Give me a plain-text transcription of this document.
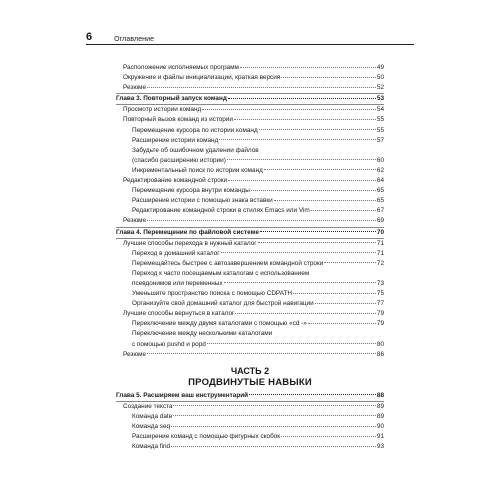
6	Оглавление
Расположение исполняемых программ	49
Окружение и файлы инициализации, краткая версия	50
Резюме	52
Глава 3. Повторный запуск команд	53
Просмотр истории команд	54
Повторный вызов команд из истории	55
Перемещение курсора по истории команд	55
Расширение истории команд	57
Забудьте об ошибочном удалении файлов
(спасибо расширению истории)	60
Инкрементальный поиск по истории команд	62
Редактирование командной строки	64
Перемещение курсора внутри команды	65
Расширение истории с помощью знака вставки	65
Редактирование командной строки в стилях Emacs или Vim	67
Резюме	69
Глава 4. Перемещение по файловой системе	70
Лучшие способы перехода в нужный каталог	71
Переход в домашний каталог	71
Перемещайтесь быстрее с автозавершением командной строки	72
Переход к часто посещаемым каталогам с использованием
псевдонимов или переменных	73
Уменьшите пространство поиска с помощью CDPATH	75
Организуйте свой домашний каталог для быстрой навигации	77
Лучшие способы вернуться в каталог	79
Переключение между двумя каталогами с помощью «cd -»	79
Переключение между несколькими каталогами
с помощью pushd и popd	80
Резюме	86
ЧАСТЬ 2
ПРОДВИНУТЫЕ НАВЫКИ
Глава 5. Расширяем ваш инструментарий	88
Создание текста	89
Команда date	89
Команда seq	90
Расширение команд с помощью фигурных скобок	91
Команда find	93
